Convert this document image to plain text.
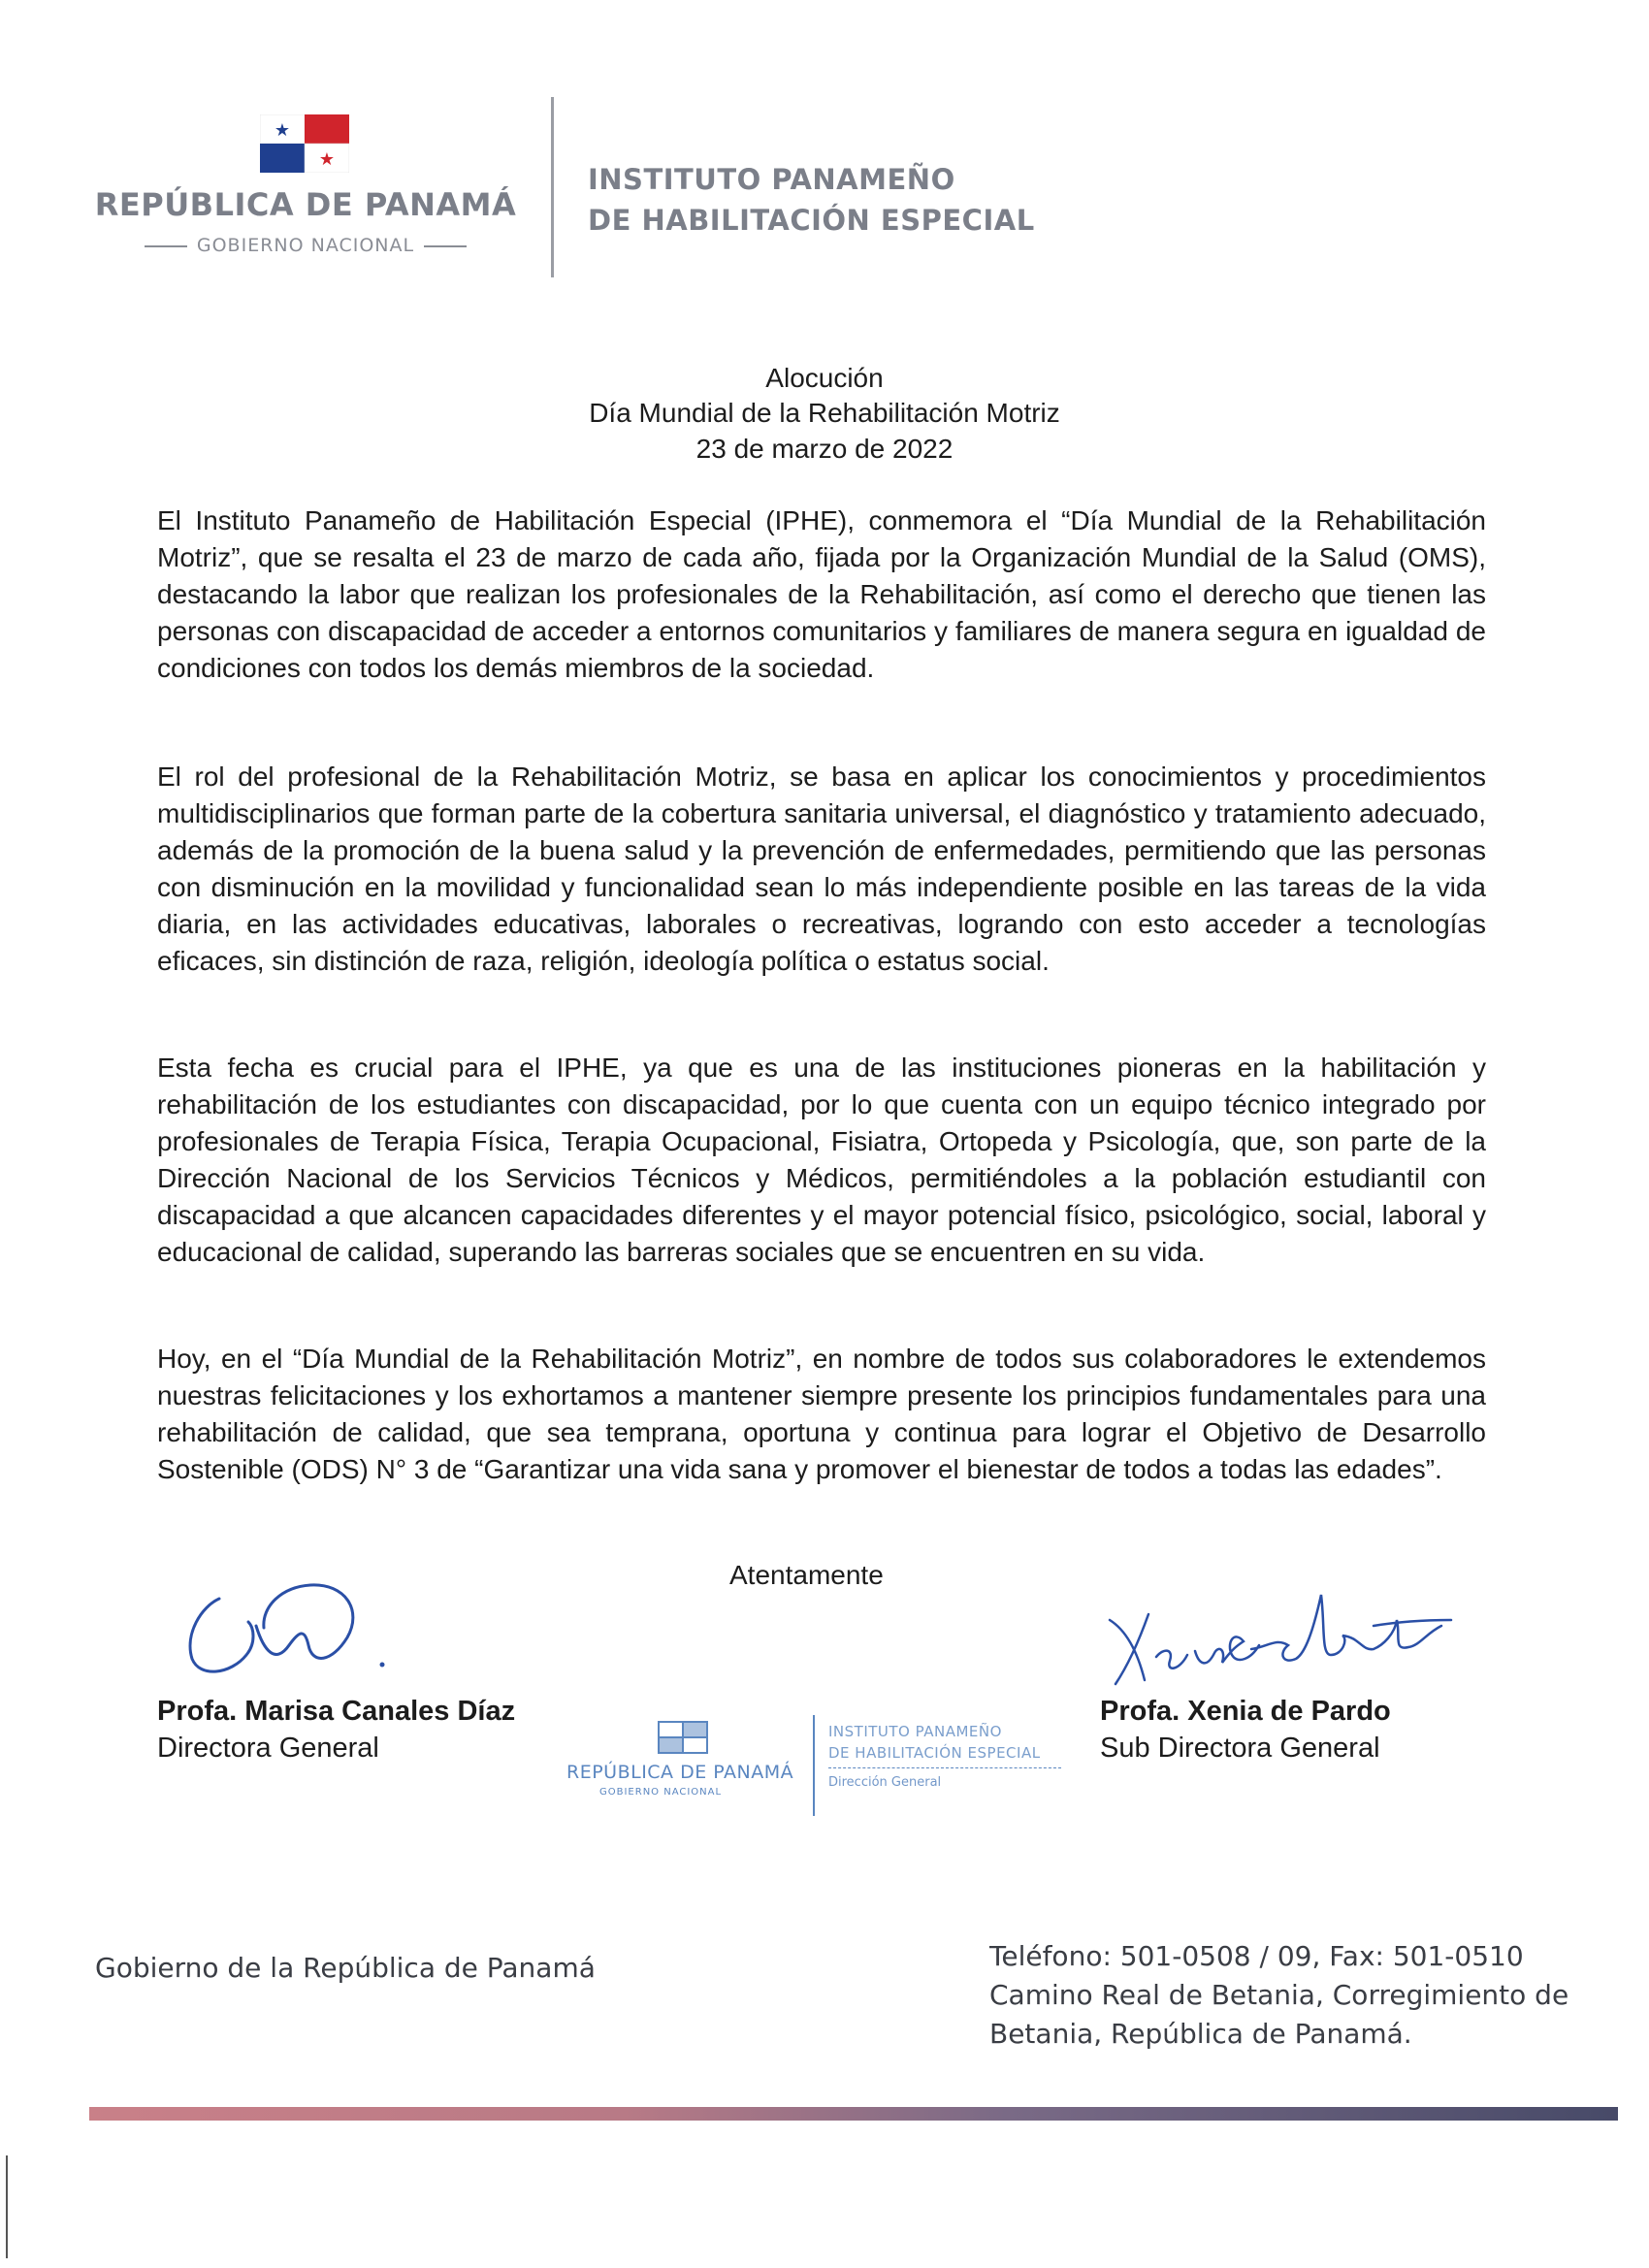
★
★
REPÚBLICA DE PANAMÁ
GOBIERNO NACIONAL
INSTITUTO PANAMEÑO
DE HABILITACIÓN ESPECIAL
Alocución
Día Mundial de la Rehabilitación Motriz
23 de marzo de 2022

El Instituto Panameño de Habilitación Especial (IPHE), conmemora el “Día Mundial de la Rehabilitación Motriz”, que se resalta el 23 de marzo de cada año, fijada por la Organización Mundial de la Salud (OMS), destacando la labor que realizan los profesionales de la Rehabilitación, así como el derecho que tienen las personas con discapacidad de acceder a entornos comunitarios y familiares de manera segura en igualdad de condiciones con todos los demás miembros de la sociedad.

El rol del profesional de la Rehabilitación Motriz, se basa en aplicar los conocimientos y procedimientos multidisciplinarios que forman parte de la cobertura sanitaria universal, el diagnóstico y tratamiento adecuado, además de la promoción de la buena salud y la prevención de enfermedades, permitiendo que las personas con disminución en la movilidad y funcionalidad sean lo más independiente posible en las tareas de la vida diaria, en las actividades educativas, laborales o recreativas, logrando con esto acceder a tecnologías eficaces, sin distinción de raza, religión, ideología política o estatus social.

Esta fecha es crucial para el IPHE, ya que es una de las instituciones pioneras en la habilitación y rehabilitación de los estudiantes con discapacidad, por lo que cuenta con un equipo técnico integrado por profesionales de Terapia Física, Terapia Ocupacional, Fisiatra, Ortopeda y Psicología, que, son parte de la Dirección Nacional de los Servicios Técnicos y Médicos, permitiéndoles a la población estudiantil con discapacidad a que alcancen capacidades diferentes y el mayor potencial físico, psicológico, social, laboral y educacional de calidad, superando las barreras sociales que se encuentren en su vida.

Hoy, en el “Día Mundial de la Rehabilitación Motriz”, en nombre de todos sus colaboradores le extendemos nuestras felicitaciones y los exhortamos a mantener siempre presente los principios fundamentales para una rehabilitación de calidad, que sea temprana, oportuna y continua para lograr el Objetivo de Desarrollo Sostenible (ODS) N° 3 de “Garantizar una vida sana y promover el bienestar de todos a todas las edades”.

Atentamente
Profa. Marisa Canales Díaz
Directora General
Profa. Xenia de Pardo
Sub Directora General
REPÚBLICA DE PANAMÁ
GOBIERNO NACIONAL
INSTITUTO PANAMEÑO
DE HABILITACIÓN ESPECIAL
Dirección General
Gobierno de la República de Panamá	Teléfono: 501-0508 / 09, Fax: 501-0510
Camino Real de Betania, Corregimiento de
Betania, República de Panamá.
